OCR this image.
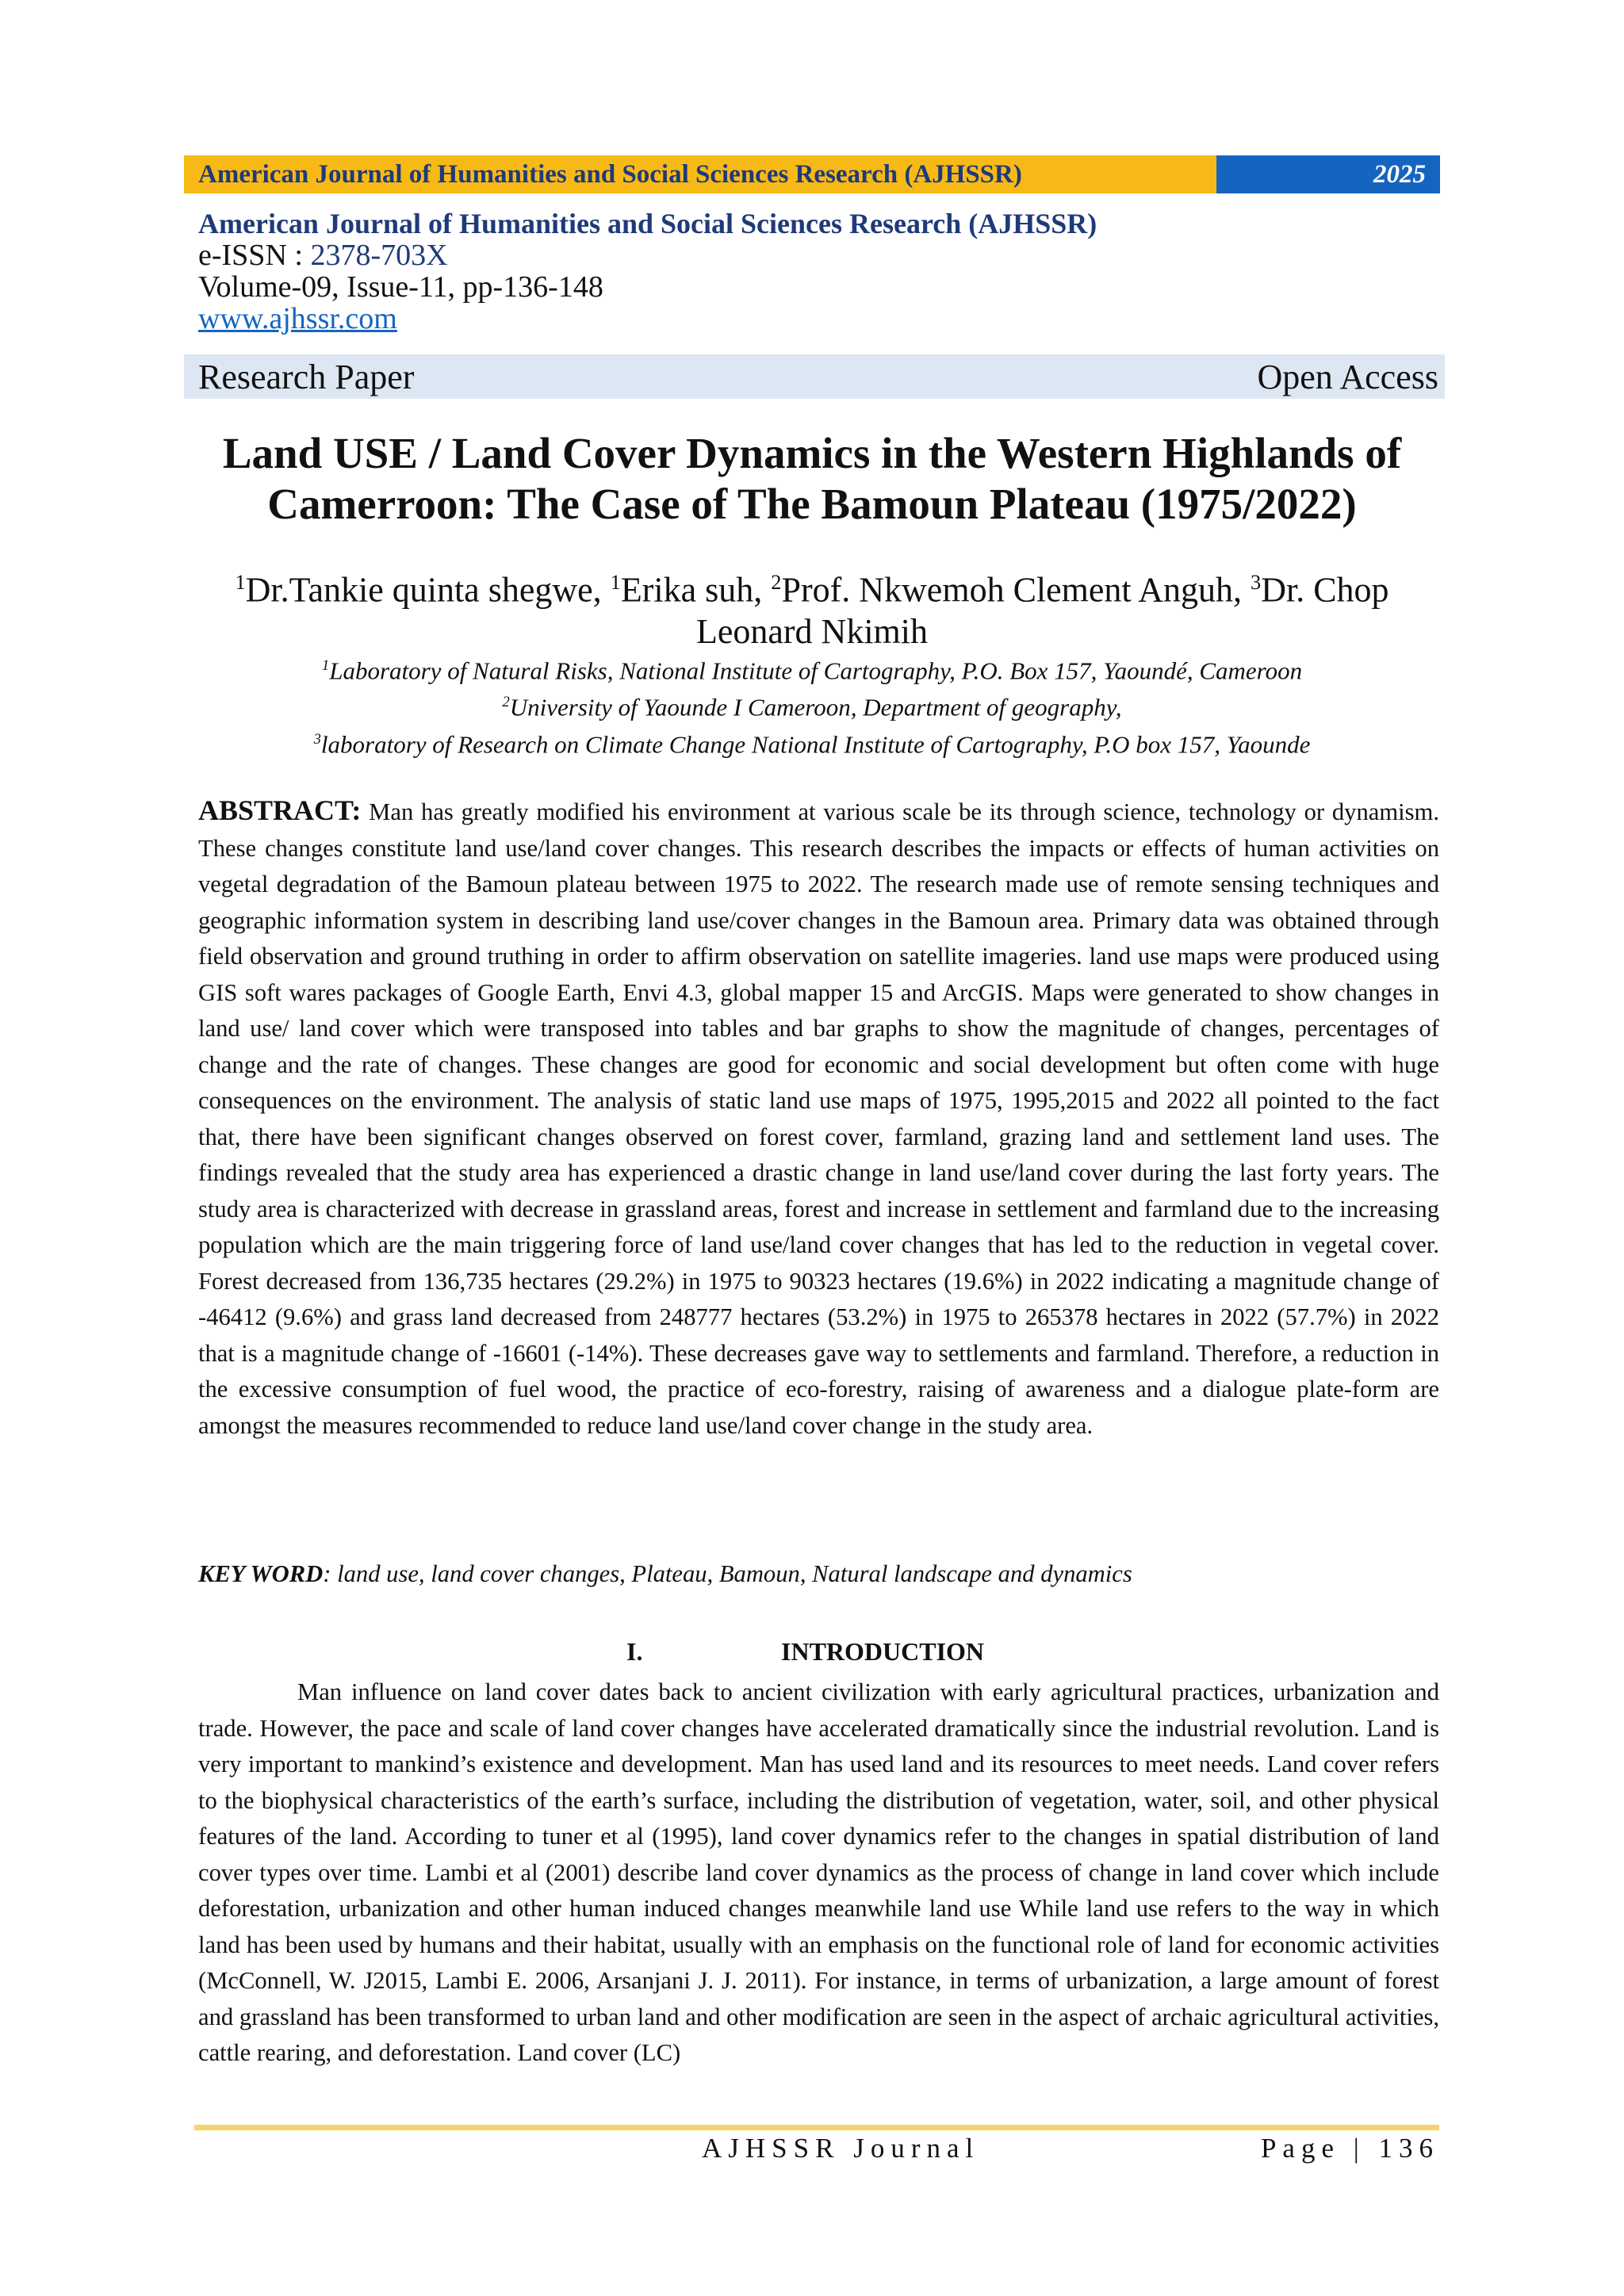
American Journal of Humanities and Social Sciences Research (AJHSSR)	2025
American Journal of Humanities and Social Sciences Research (AJHSSR)
e-ISSN : 2378-703X
Volume-09, Issue-11, pp-136-148
www.ajhssr.com
Research Paper	Open Access
Land USE / Land Cover Dynamics in the Western Highlands of
Camerroon: The Case of The Bamoun Plateau (1975/2022)
$^1$Dr.Tankie quinta shegwe, $^1$Erika suh, $^2$Prof. Nkwemoh Clement Anguh, $^3$Dr. Chop Leonard Nkimih
$^1$Laboratory of Natural Risks, National Institute of Cartography, P.O. Box 157, Yaoundé, Cameroon
$^2$University of Yaounde I Cameroon, Department of geography,
$^3$laboratory of Research on Climate Change National Institute of Cartography, P.O box 157, Yaounde
ABSTRACT: Man has greatly modified his environment at various scale be its through science, technology or dynamism. These changes constitute land use/land cover changes. This research describes the impacts or effects of human activities on vegetal degradation of the Bamoun plateau between 1975 to 2022. The research made use of remote sensing techniques and geographic information system in describing land use/cover changes in the Bamoun area. Primary data was obtained through field observation and ground truthing in order to affirm observation on satellite imageries. land use maps were produced using GIS soft wares packages of Google Earth, Envi 4.3, global mapper 15 and ArcGIS. Maps were generated to show changes in land use/ land cover which were transposed into tables and bar graphs to show the magnitude of changes, percentages of change and the rate of changes. These changes are good for economic and social development but often come with huge consequences on the environment. The analysis of static land use maps of 1975, 1995,2015 and 2022 all pointed to the fact that, there have been significant changes observed on forest cover, farmland, grazing land and settlement land uses. The findings revealed that the study area has experienced a drastic change in land use/land cover during the last forty years. The study area is characterized with decrease in grassland areas, forest and increase in settlement and farmland due to the increasing population which are the main triggering force of land use/land cover changes that has led to the reduction in vegetal cover. Forest decreased from 136,735 hectares (29.2%) in 1975 to 90323 hectares (19.6%) in 2022 indicating a magnitude change of -46412 (9.6%) and grass land decreased from 248777 hectares (53.2%) in 1975 to 265378 hectares in 2022 (57.7%) in 2022 that is a magnitude change of -16601 (-14%). These decreases gave way to settlements and farmland. Therefore, a reduction in the excessive consumption of fuel wood, the practice of eco-forestry, raising of awareness and a dialogue plate-form are amongst the measures recommended to reduce land use/land cover change in the study area.
KEY WORD: land use, land cover changes, Plateau, Bamoun, Natural landscape and dynamics
I.	INTRODUCTION
Man influence on land cover dates back to ancient civilization with early agricultural practices, urbanization and trade. However, the pace and scale of land cover changes have accelerated dramatically since the industrial revolution. Land is very important to mankind’s existence and development. Man has used land and its resources to meet needs. Land cover refers to the biophysical characteristics of the earth’s surface, including the distribution of vegetation, water, soil, and other physical features of the land. According to tuner et al (1995), land cover dynamics refer to the changes in spatial distribution of land cover types over time. Lambi et al (2001) describe land cover dynamics as the process of change in land cover which include deforestation, urbanization and other human induced changes meanwhile land use While land use refers to the way in which land has been used by humans and their habitat, usually with an emphasis on the functional role of land for economic activities (McConnell, W. J2015, Lambi E. 2006, Arsanjani J. J. 2011). For instance, in terms of urbanization, a large amount of forest and grassland has been transformed to urban land and other modification are seen in the aspect of archaic agricultural activities, cattle rearing, and deforestation. Land cover (LC)
AJHSSR Journal	Page | 136
